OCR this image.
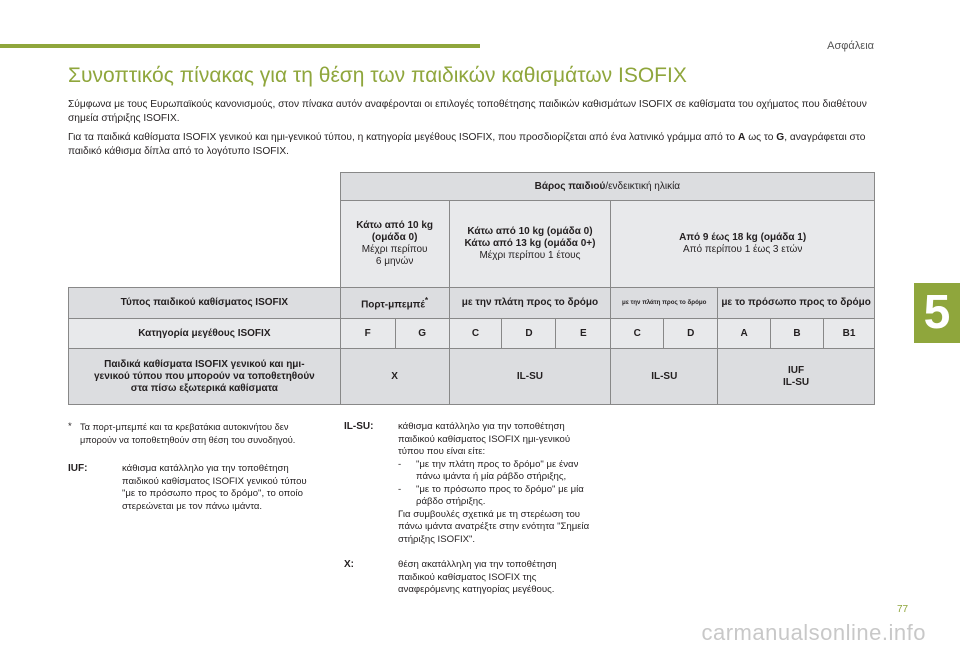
Ασφάλεια
5
Συνοπτικός πίνακας για τη θέση των παιδικών καθισμάτων ISOFIX

Σύμφωνα με τους Ευρωπαϊκούς κανονισμούς, στον πίνακα αυτόν αναφέρονται οι επιλογές τοποθέτησης παιδικών καθισμάτων ISOFIX σε καθίσματα του οχήματος που διαθέτουν σημεία στήριξης ISOFIX.

Για τα παιδικά καθίσματα ISOFIX γενικού και ημι-γενικού τύπου, η κατηγορία μεγέθους ISOFIX, που προσδιορίζεται από ένα λατινικό γράμμα από το A ως το G, αναγράφεται στο παιδικό κάθισμα δίπλα από το λογότυπο ISOFIX.

	Βάρος παιδιού/ενδεικτική ηλικία									
	Κάτω από 10 kg
(ομάδα 0)
Μέχρι περίπου
6 μηνών		Κάτω από 10 kg (ομάδα 0)
Κάτω από 13 kg (ομάδα 0+)
Μέχρι περίπου 1 έτους			Από 9 έως 18 kg (ομάδα 1)
Από περίπου 1 έως 3 ετών				
Τύπος παιδικού καθίσματος ISOFIX	Πορτ-μπεμπέ*		με την πλάτη προς το δρόμο			με την πλάτη προς το δρόμο		με το πρόσωπο προς το δρόμο		
Κατηγορία μεγέθους ISOFIX	F	G	C	D	E	C	D	A	B	B1
Παιδικά καθίσματα ISOFIX γενικού και ημι-γενικού τύπου που μπορούν να τοποθετηθούν στα πίσω εξωτερικά καθίσματα	X		IL-SU			IL-SU		IUF
IL-SU		
* Τα πορτ-μπεμπέ και τα κρεβατάκια αυτοκινήτου δεν μπορούν να τοποθετηθούν στη θέση του συνοδηγού.
IUF:	κάθισμα κατάλληλο για την τοποθέτηση παιδικού καθίσματος ISOFIX γενικού τύπου "με το πρόσωπο προς το δρόμο", το οποίο στερεώνεται με τον πάνω ιμάντα.
IL-SU:	κάθισμα κατάλληλο για την τοποθέτηση παιδικού καθίσματος ISOFIX ημι-γενικού τύπου που είναι είτε:
- "με την πλάτη προς το δρόμο" με έναν πάνω ιμάντα ή μία ράβδο στήριξης,
- "με το πρόσωπο προς το δρόμο" με μία ράβδο στήριξης.
Για συμβουλές σχετικά με τη στερέωση του πάνω ιμάντα ανατρέξτε στην ενότητα "Σημεία στήριξης ISOFIX".
X:	θέση ακατάλληλη για την τοποθέτηση παιδικού καθίσματος ISOFIX της αναφερόμενης κατηγορίας μεγέθους.
77
carmanualsonline.info
